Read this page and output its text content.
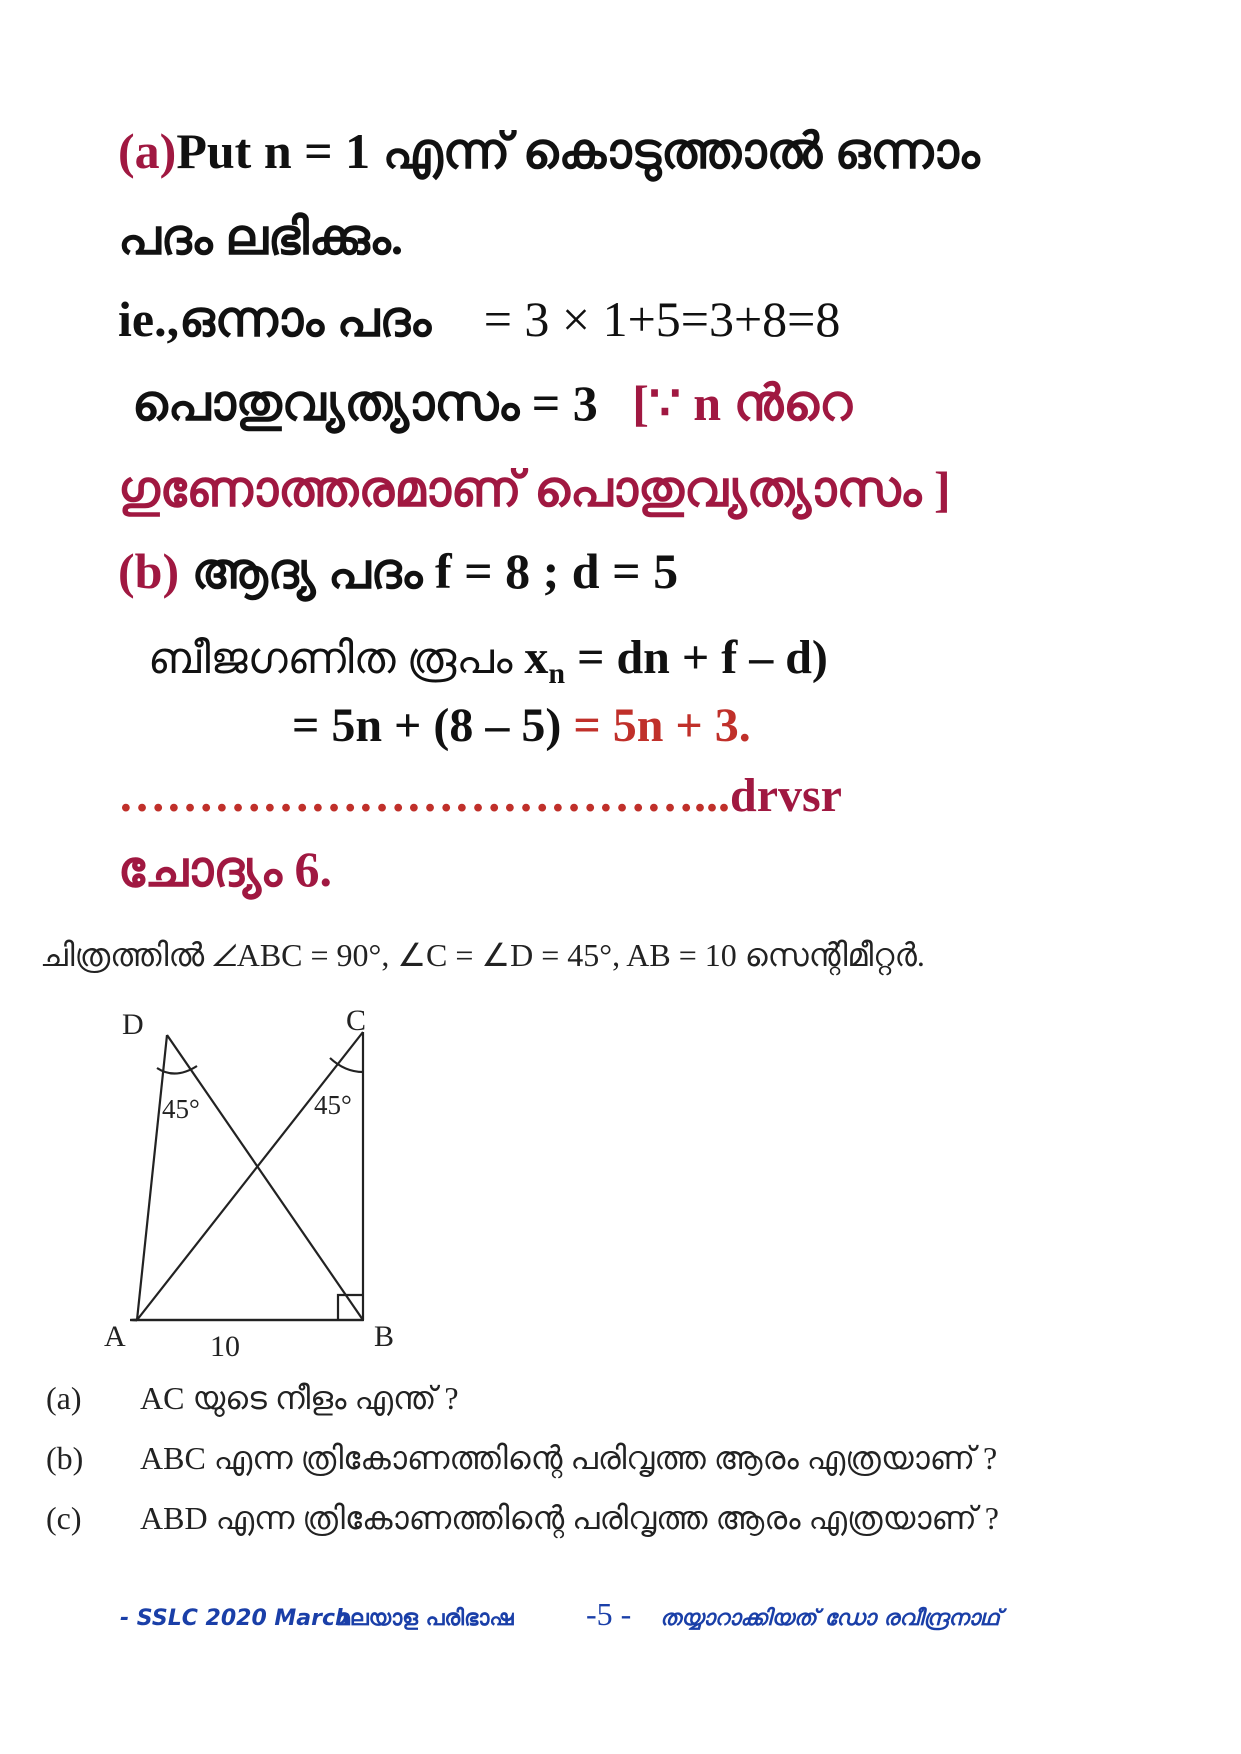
(a)Put n = 1 എന്ന് കൊടുത്താൽ ഒന്നാം
പദം ലഭിക്കും.
ie.,ഒന്നാം പദം = 3 × 1+5=3+8=8
പൊതുവ്യത്യാസം = 3 [∵ n ൻറെ
ഗുണോത്തരമാണ് പൊതുവ്യത്യാസം ]
(b) ആദ്യ പദം f = 8 ; d = 5
ബീജഗണിത രൂപം $x_n$ = dn + f – d)
= 5n + (8 – 5) = 5n + 3.
………………………………...drvsr
ചോദ്യം 6.
ചിത്രത്തിൽ ∠ABC = 90°, ∠C = ∠D = 45°, AB = 10 സെന്റിമീറ്റർ.
D	C
A	B
45°	45°
10
(a) AC യുടെ നീളം എന്ത് ?
(b) ABC എന്ന ത്രികോണത്തിന്റെ പരിവൃത്ത ആരം എത്രയാണ് ?
(c) ABD എന്ന ത്രികോണത്തിന്റെ പരിവൃത്ത ആരം എത്രയാണ് ?
- SSLC 2020 March
മലയാള പരിഭാഷ -5 - തയ്യാറാക്കിയത് ഡോ രവീന്ദ്രനാഥ്
